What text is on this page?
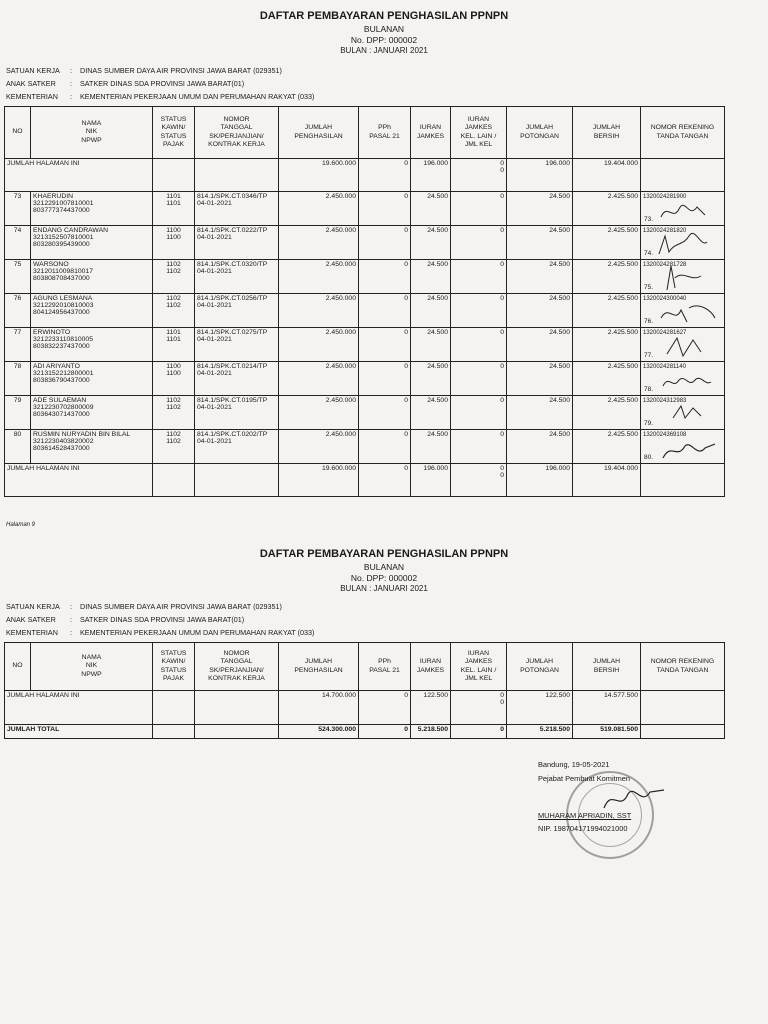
DAFTAR PEMBAYARAN PENGHASILAN PPNPN
BULANAN
No. DPP: 000002
BULAN : JANUARI 2021
SATUAN KERJA : DINAS SUMBER DAYA AIR PROVINSI JAWA BARAT (029351)
ANAK SATKER : SATKER DINAS SDA PROVINSI JAWA BARAT(01)
KEMENTERIAN : KEMENTERIAN PEKERJAAN UMUM DAN PERUMAHAN RAKYAT (033)
NO	NAMA
NIK
NPWP	STATUS
KAWIN/
STATUS
PAJAK	NOMOR
TANGGAL
SK/PERJANJIAN/
KONTRAK KERJA	JUMLAH
PENGHASILAN	PPh
PASAL 21	IURAN
JAMKES	IURAN
JAMKES
KEL. LAIN /
JML KEL	JUMLAH
POTONGAN	JUMLAH
BERSIH	NOMOR REKENING
TANDA TANGAN

JUMLAH HALAMAN INI				19.600.000	0	196.000	0
0	196.000	19.404.000	
73	KHAERUDIN
3212291007810001
803777374437000	1101
1101	814.1/SPK.CT.0346/TP
04-01-2021	2.450.000	0	24.500	0	24.500	2.425.500	1320024281900
73.

74	ENDANG CANDRAWAN
3213152507810001
803280395439000	1100
1100	814.1/SPK.CT.0222/TP
04-01-2021	2.450.000	0	24.500	0	24.500	2.425.500	1320024281820
74.

75	WARSONO
3212011009810017
803808708437000	1102
1102	814.1/SPK.CT.0320/TP
04-01-2021	2.450.000	0	24.500	0	24.500	2.425.500	1320024281728
75.

76	AGUNG LESMANA
3212292010810003
804124956437000	1102
1102	814.1/SPK.CT.0256/TP
04-01-2021	2.450.000	0	24.500	0	24.500	2.425.500	1320024300040
76.

77	ERWINOTO
3212233110810005
803832237437000	1101
1101	814.1/SPK.CT.0275/TP
04-01-2021	2.450.000	0	24.500	0	24.500	2.425.500	1320024281627
77.

78	ADI ARIYANTO
3213152212800001
803836790437000	1100
1100	814.1/SPK.CT.0214/TP
04-01-2021	2.450.000	0	24.500	0	24.500	2.425.500	1320024281140
78.

79	ADE SULAEMAN
3212230702800009
803643071437000	1102
1102	814.1/SPK.CT.0195/TP
04-01-2021	2.450.000	0	24.500	0	24.500	2.425.500	1320024312983
79.

80	RUSMIN NURYADIN BIN BILAL
3212230403820002
803614528437000	1102
1102	814.1/SPK.CT.0202/TP
04-01-2021	2.450.000	0	24.500	0	24.500	2.425.500	1320024369108
80.

JUMLAH HALAMAN INI				19.600.000	0	196.000	0
0	196.000	19.404.000	
Halaman 9
DAFTAR PEMBAYARAN PENGHASILAN PPNPN
BULANAN
No. DPP: 000002
BULAN : JANUARI 2021
SATUAN KERJA : DINAS SUMBER DAYA AIR PROVINSI JAWA BARAT (029351)
ANAK SATKER : SATKER DINAS SDA PROVINSI JAWA BARAT(01)
KEMENTERIAN : KEMENTERIAN PEKERJAAN UMUM DAN PERUMAHAN RAKYAT (033)
NO	NAMA
NIK
NPWP	STATUS
KAWIN/
STATUS
PAJAK	NOMOR
TANGGAL
SK/PERJANJIAN/
KONTRAK KERJA	JUMLAH
PENGHASILAN	PPh
PASAL 21	IURAN
JAMKES	IURAN
JAMKES
KEL. LAIN /
JML KEL	JUMLAH
POTONGAN	JUMLAH
BERSIH	NOMOR REKENING
TANDA TANGAN

JUMLAH HALAMAN INI				14.700.000	0	122.500	0
0	122.500	14.577.500	
JUMLAH TOTAL				524.300.000	0	5.218.500	0	5.218.500	519.081.500	
Bandung, 19-05-2021
Pejabat Pembuat Komitmen
MUHARAM APRIADIN, SST
NIP. 198704171994021000
